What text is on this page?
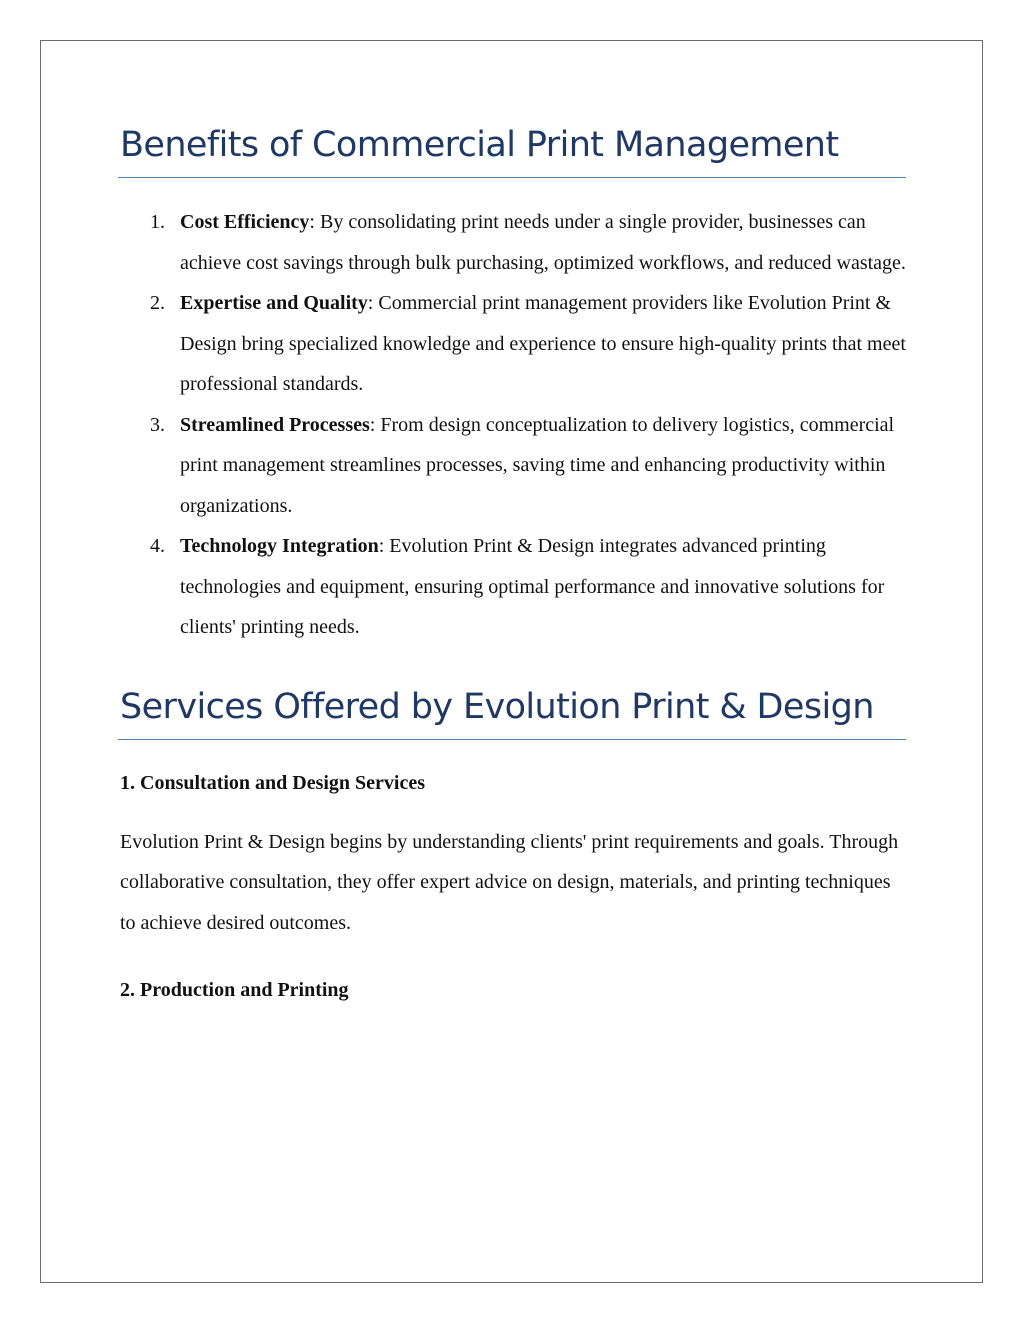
Benefits of Commercial Print Management
1. Cost Efficiency: By consolidating print needs under a single provider, businesses can achieve cost savings through bulk purchasing, optimized workflows, and reduced wastage.
2. Expertise and Quality: Commercial print management providers like Evolution Print & Design bring specialized knowledge and experience to ensure high-quality prints that meet professional standards.
3. Streamlined Processes: From design conceptualization to delivery logistics, commercial print management streamlines processes, saving time and enhancing productivity within organizations.
4. Technology Integration: Evolution Print & Design integrates advanced printing technologies and equipment, ensuring optimal performance and innovative solutions for clients' printing needs.
Services Offered by Evolution Print & Design

1. Consultation and Design Services

Evolution Print & Design begins by understanding clients' print requirements and goals. Through collaborative consultation, they offer expert advice on design, materials, and printing techniques to achieve desired outcomes.

2. Production and Printing
